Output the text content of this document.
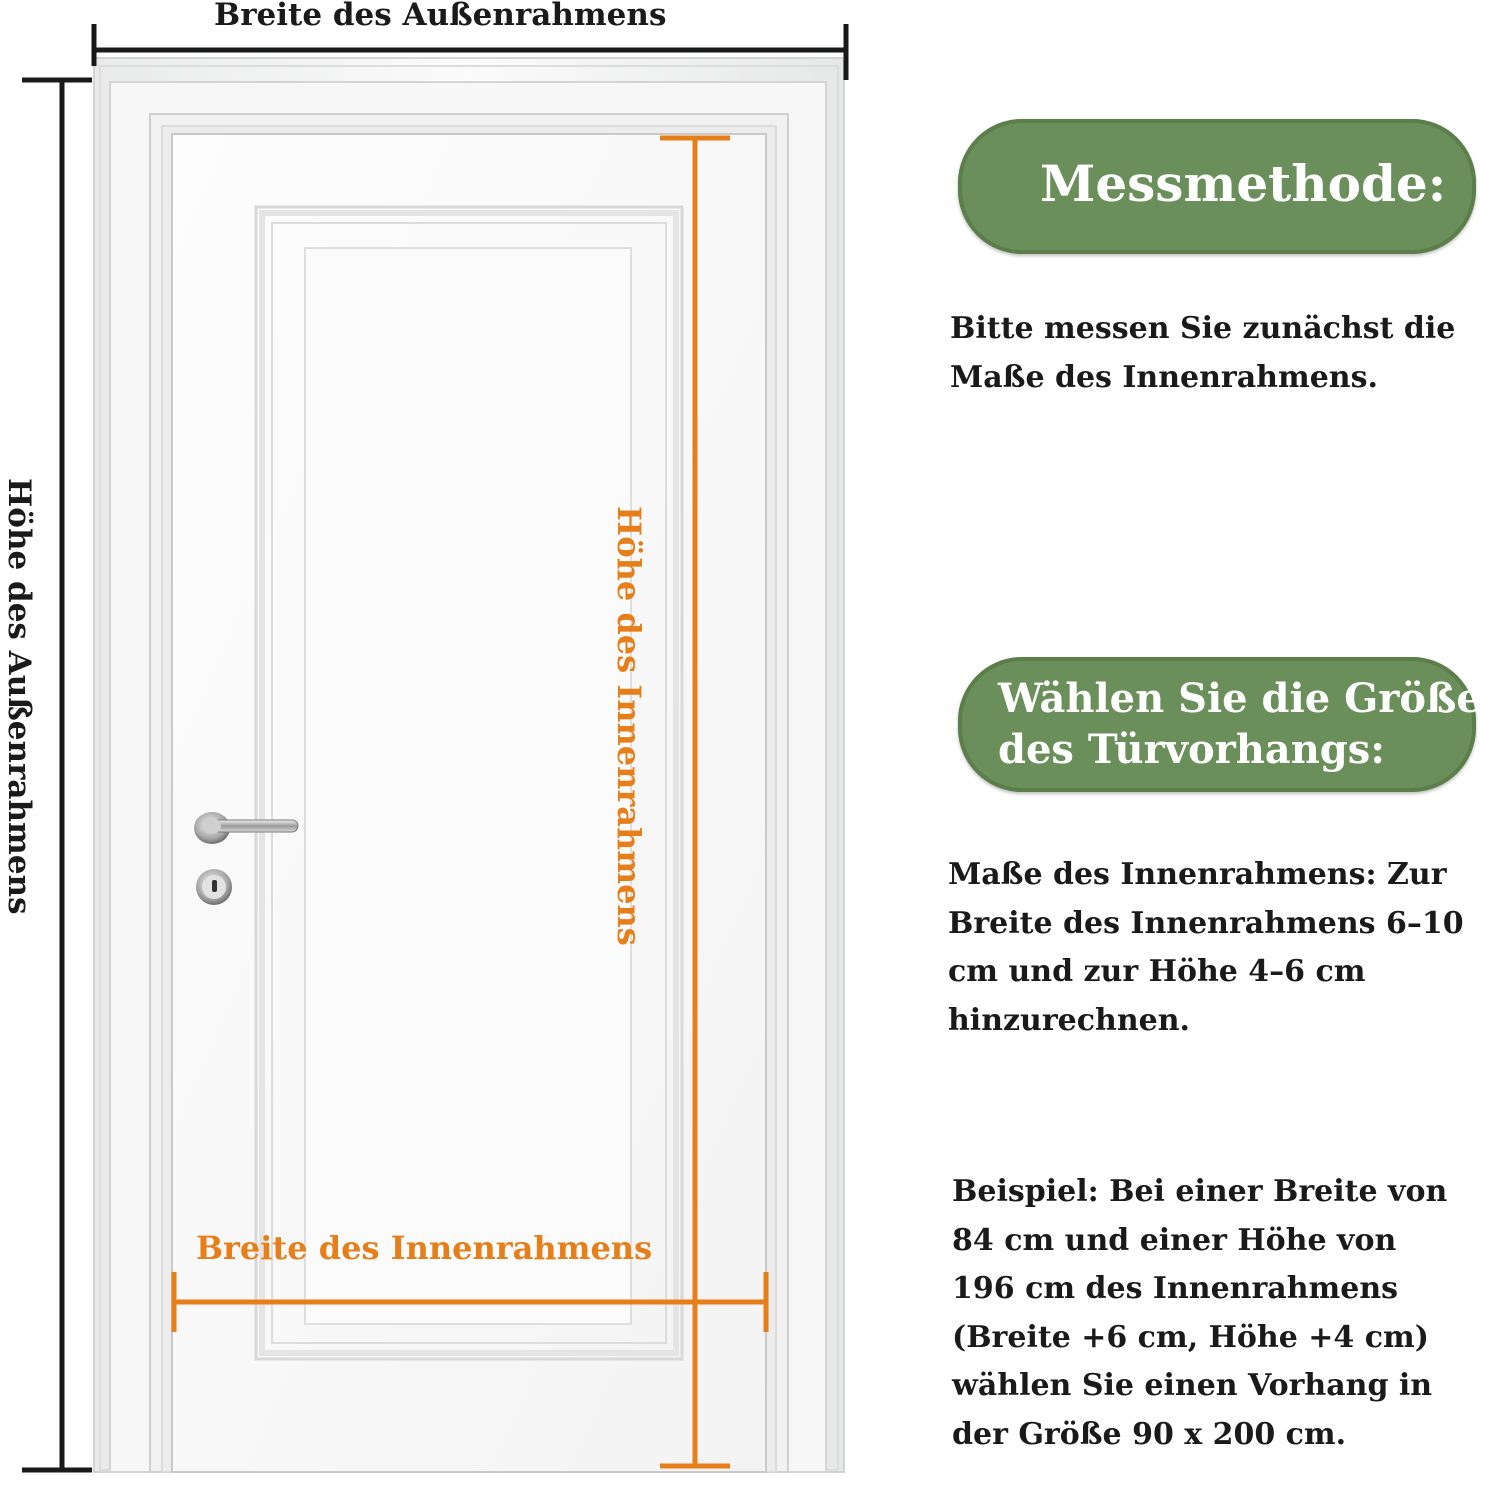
Breite des Außenrahmens
Höhe des Außenrahmens	Höhe des Innenrahmens
Breite des Innenrahmens
Messmethode:
Bitte messen Sie zunächst die
Maße des Innenrahmens.
Wählen Sie die Größe
des Türvorhangs:
Maße des Innenrahmens: Zur
Breite des Innenrahmens 6–10
cm und zur Höhe 4–6 cm
hinzurechnen.
Beispiel: Bei einer Breite von
84 cm und einer Höhe von
196 cm des Innenrahmens
(Breite +6 cm, Höhe +4 cm)
wählen Sie einen Vorhang in
der Größe 90 x 200 cm.
